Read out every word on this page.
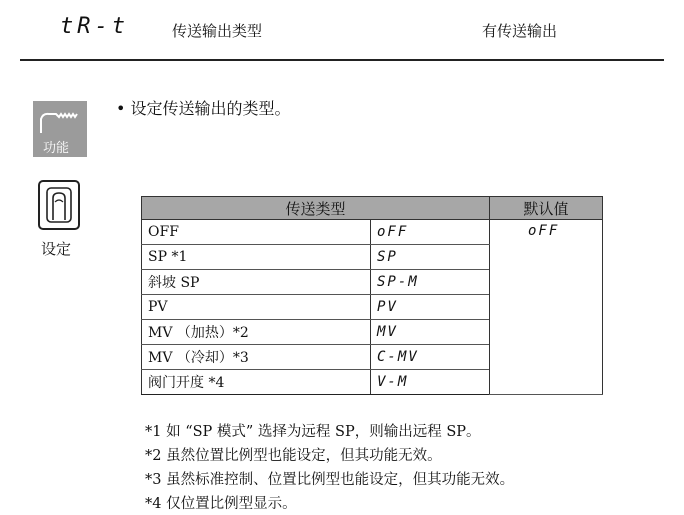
tR-t	传送输出类型	有传送输出
功能
• 设定传送输出的类型。
设定
传送类型		默认值
OFF	oFF	oFF
SP *1	SP	
斜坡 SP	SP-M	
PV	PV	
MV （加热）*2	MV	
MV （冷却）*3	C-MV	
阀门开度 *4	V-M	
*1 如 “SP 模式” 选择为远程 SP，则输出远程 SP。
*2 虽然位置比例型也能设定，但其功能无效。
*3 虽然标准控制、位置比例型也能设定，但其功能无效。
*4 仅位置比例型显示。
